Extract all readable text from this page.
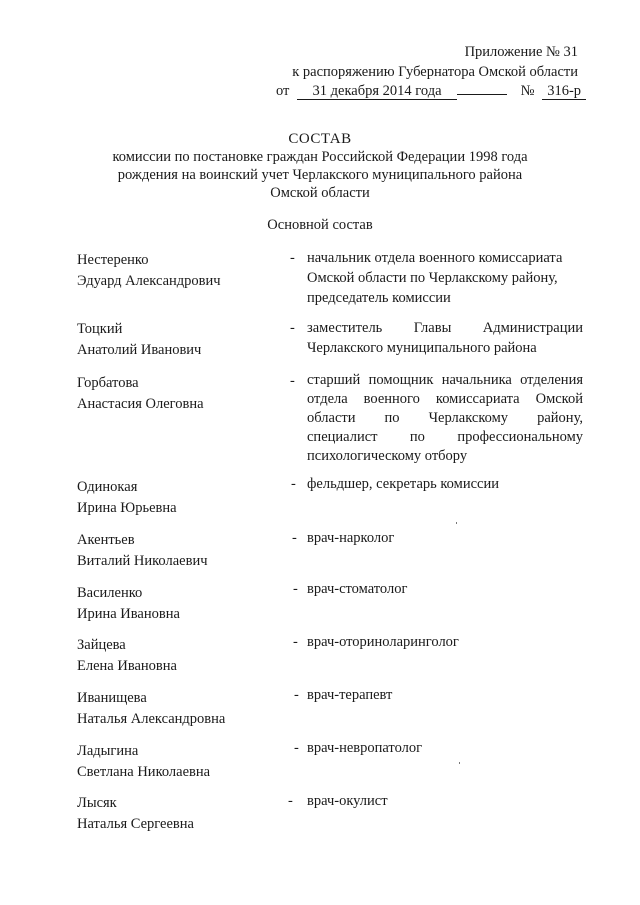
Приложение № 31
к распоряжению Губернатора Омской области
от 31 декабря 2014 года	№ 316-р
СОСТАВ
комиссии по постановке граждан Российской Федерации 1998 года
рождения на воинский учет Черлакского муниципального района
Омской области
Основной состав
Нестеренко
Эдуард Александрович
- начальник отдела военного комиссариата
Омской области по Черлакскому району,
председатель комиссии
Тоцкий
Анатолий Иванович
- заместитель Главы Администрации
Черлакского муниципального района
Горбатова
Анастасия Олеговна
- старший помощник начальника отделения
отдела военного комиссариата Омской
области по Черлакскому району,
специалист по профессиональному
психологическому отбору
Одинокая
Ирина Юрьевна
- фельдшер, секретарь комиссии
Акентьев
Виталий Николаевич
- врач-нарколог
Василенко
Ирина Ивановна
- врач-стоматолог
Зайцева
Елена Ивановна
- врач-оториноларинголог
Иванищева
Наталья Александровна
- врач-терапевт
Ладыгина
Светлана Николаевна
- врач-невропатолог
Лысяк
Наталья Сергеевна
- врач-окулист
